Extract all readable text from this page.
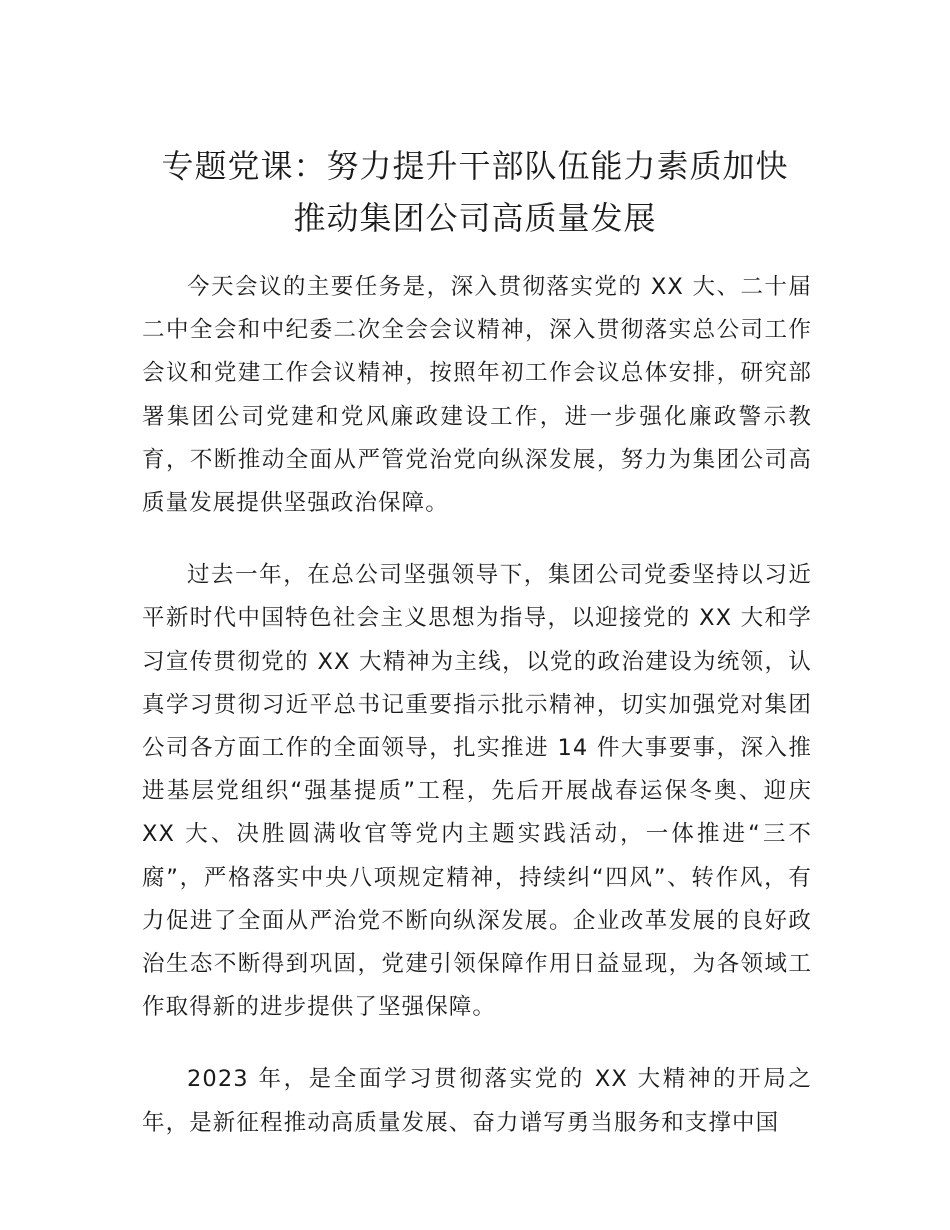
专题党课：努力提升干部队伍能力素质加快
推动集团公司高质量发展

今天会议的主要任务是，深入贯彻落实党的 XX 大、二十届二中全会和中纪委二次全会会议精神，深入贯彻落实总公司工作会议和党建工作会议精神，按照年初工作会议总体安排，研究部署集团公司党建和党风廉政建设工作，进一步强化廉政警示教育，不断推动全面从严管党治党向纵深发展，努力为集团公司高质量发展提供坚强政治保障。

过去一年，在总公司坚强领导下，集团公司党委坚持以习近平新时代中国特色社会主义思想为指导，以迎接党的 XX 大和学习宣传贯彻党的 XX 大精神为主线，以党的政治建设为统领，认真学习贯彻习近平总书记重要指示批示精神，切实加强党对集团公司各方面工作的全面领导，扎实推进 14 件大事要事，深入推进基层党组织“强基提质”工程，先后开展战春运保冬奥、迎庆 XX 大、决胜圆满收官等党内主题实践活动，一体推进“三不腐”，严格落实中央八项规定精神，持续纠“四风”、转作风，有力促进了全面从严治党不断向纵深发展。企业改革发展的良好政治生态不断得到巩固，党建引领保障作用日益显现，为各领域工作取得新的进步提供了坚强保障。

2023 年，是全面学习贯彻落实党的 XX 大精神的开局之年，是新征程推动高质量发展、奋力谱写勇当服务和支撑中国
